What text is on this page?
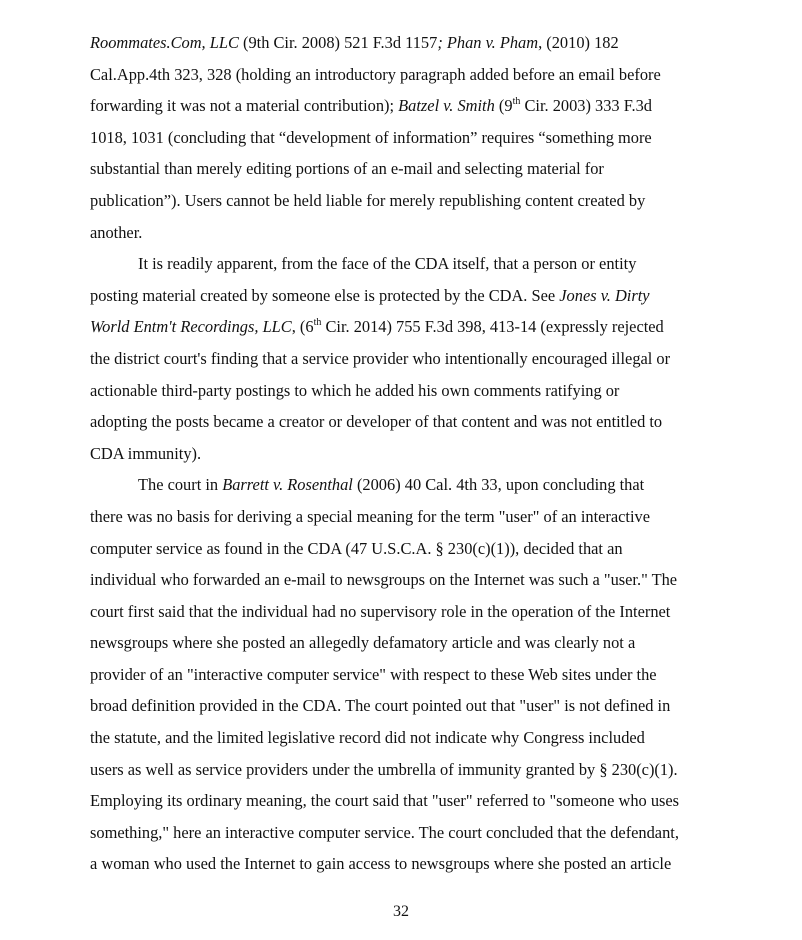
Roommates.Com, LLC (9th Cir. 2008) 521 F.3d 1157; Phan v. Pham, (2010) 182
Cal.App.4th 323, 328 (holding an introductory paragraph added before an email before
forwarding it was not a material contribution); Batzel v. Smith (9th Cir. 2003) 333 F.3d
1018, 1031 (concluding that “development of information” requires “something more
substantial than merely editing portions of an e-mail and selecting material for
publication”). Users cannot be held liable for merely republishing content created by
another.
It is readily apparent, from the face of the CDA itself, that a person or entity
posting material created by someone else is protected by the CDA. See Jones v. Dirty
World Entm't Recordings, LLC, (6th Cir. 2014) 755 F.3d 398, 413-14 (expressly rejected
the district court's finding that a service provider who intentionally encouraged illegal or
actionable third-party postings to which he added his own comments ratifying or
adopting the posts became a creator or developer of that content and was not entitled to
CDA immunity).
The court in Barrett v. Rosenthal (2006) 40 Cal. 4th 33, upon concluding that
there was no basis for deriving a special meaning for the term "user" of an interactive
computer service as found in the CDA (47 U.S.C.A. § 230(c)(1)), decided that an
individual who forwarded an e-mail to newsgroups on the Internet was such a "user." The
court first said that the individual had no supervisory role in the operation of the Internet
newsgroups where she posted an allegedly defamatory article and was clearly not a
provider of an "interactive computer service" with respect to these Web sites under the
broad definition provided in the CDA. The court pointed out that "user" is not defined in
the statute, and the limited legislative record did not indicate why Congress included
users as well as service providers under the umbrella of immunity granted by § 230(c)(1).
Employing its ordinary meaning, the court said that "user" referred to "someone who uses
something," here an interactive computer service. The court concluded that the defendant,
a woman who used the Internet to gain access to newsgroups where she posted an article
32
